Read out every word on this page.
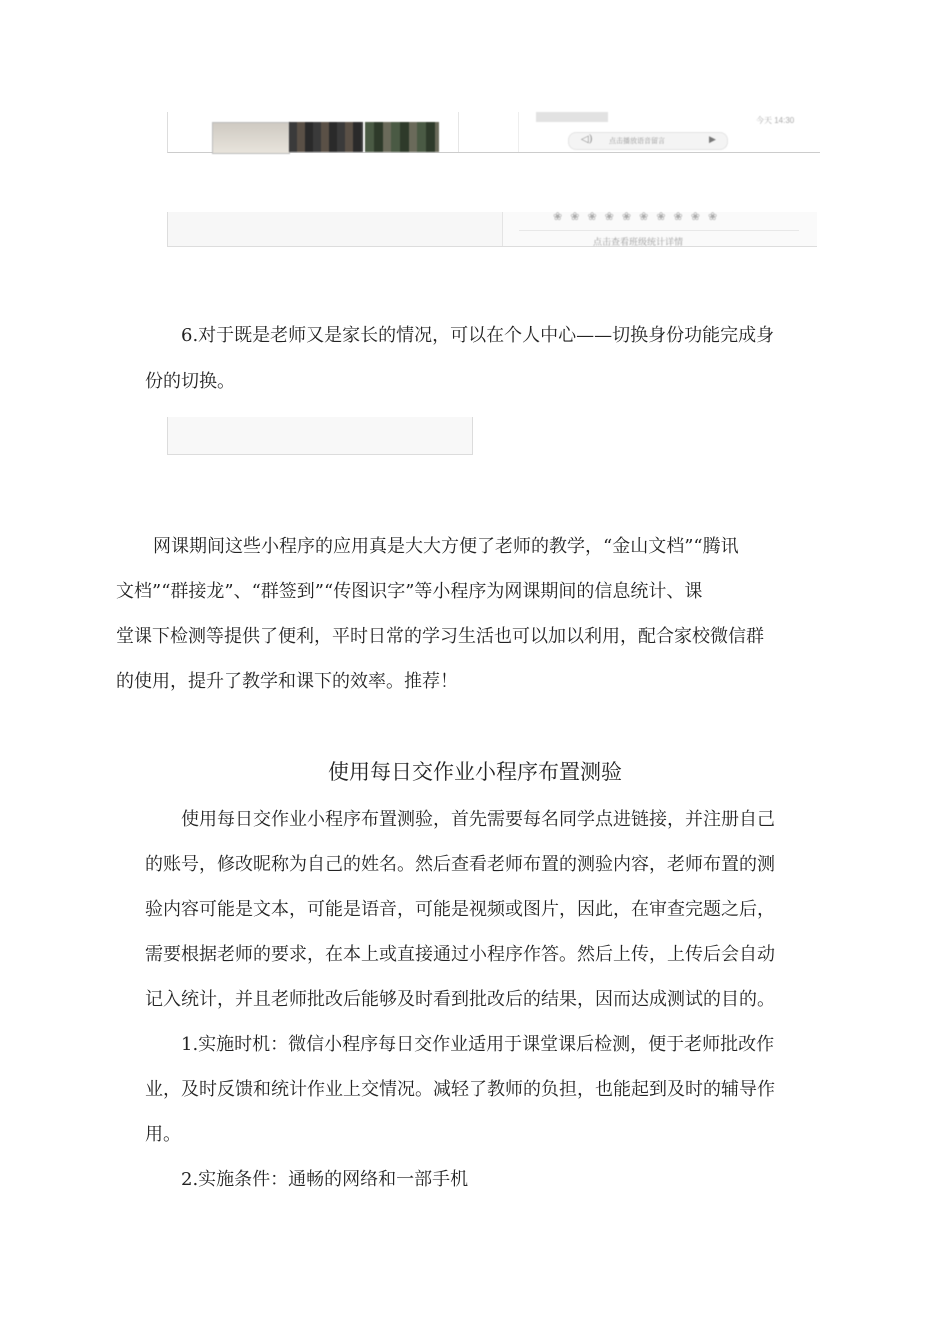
今天 14:30
◁) 点击播放语音留言	▶
❀❀❀❀❀❀❀❀❀❀
点击查看班级统计详情
6.对于既是老师又是家长的情况，可以在个人中心——切换身份功能完成身
份的切换。
网课期间这些小程序的应用真是大大方便了老师的教学，“金山文档”“腾讯
文档”“群接龙”、“群签到”“传图识字”等小程序为网课期间的信息统计、课
堂课下检测等提供了便利，平时日常的学习生活也可以加以利用，配合家校微信群
的使用，提升了教学和课下的效率。推荐！
使用每日交作业小程序布置测验
使用每日交作业小程序布置测验，首先需要每名同学点进链接，并注册自己
的账号，修改昵称为自己的姓名。然后查看老师布置的测验内容，老师布置的测
验内容可能是文本，可能是语音，可能是视频或图片，因此，在审查完题之后，
需要根据老师的要求，在本上或直接通过小程序作答。然后上传，上传后会自动
记入统计，并且老师批改后能够及时看到批改后的结果，因而达成测试的目的。
1.实施时机：微信小程序每日交作业适用于课堂课后检测，便于老师批改作
业，及时反馈和统计作业上交情况。减轻了教师的负担，也能起到及时的辅导作
用。
2.实施条件：通畅的网络和一部手机
